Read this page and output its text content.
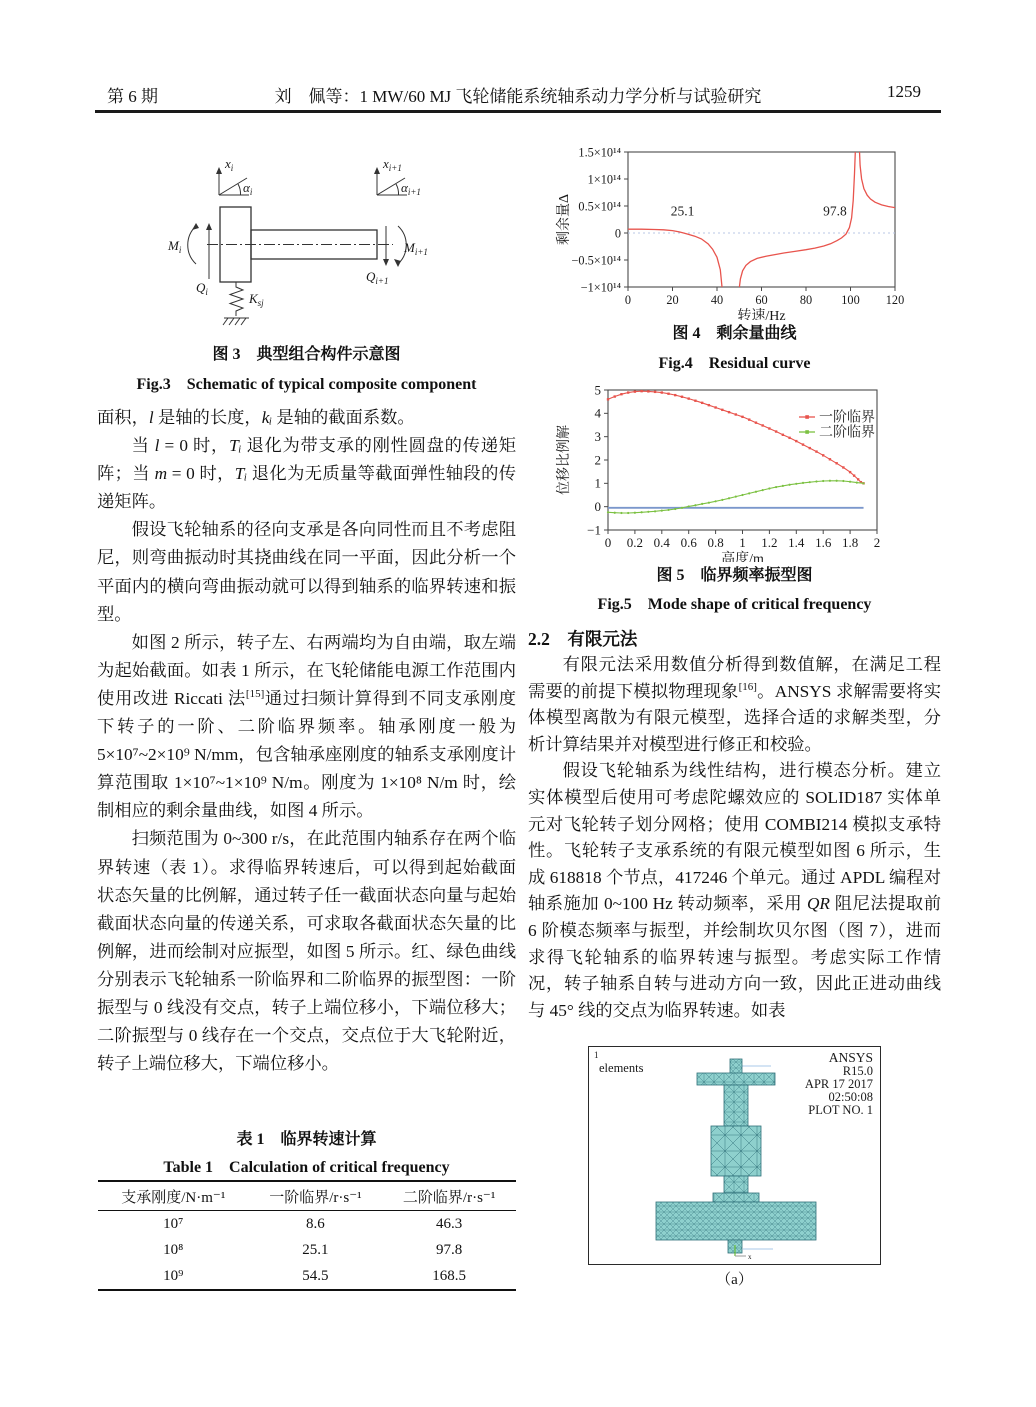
第 6 期	刘　佩等：1 MW/60 MJ 飞轮储能系统轴系动力学分析与试验研究	1259
$x_i$
$\alpha_i$
$x_{i+1}$
$\alpha_{i+1}$
$M_i$
$Q_i$
$M_{i+1}$
$Q_{i+1}$
$K_{sj}$
图 3　典型组合构件示意图
Fig.3　Schematic of typical composite component

面积，l 是轴的长度，kᵢ 是轴的截面系数。

当 l = 0 时，Tᵢ 退化为带支承的刚性圆盘的传递矩阵；当 m = 0 时，Tᵢ 退化为无质量等截面弹性轴段的传递矩阵。

假设飞轮轴系的径向支承是各向同性而且不考虑阻尼，则弯曲振动时其挠曲线在同一平面，因此分析一个平面内的横向弯曲振动就可以得到轴系的临界转速和振型。

如图 2 所示，转子左、右两端均为自由端，取左端为起始截面。如表 1 所示，在飞轮储能电源工作范围内使用改进 Riccati 法[15]通过扫频计算得到不同支承刚度下转子的一阶、二阶临界频率。轴承刚度一般为 5×10⁷~2×10⁹ N/mm，包含轴承座刚度的轴系支承刚度计算范围取 1×10⁷~1×10⁹ N/m。刚度为 1×10⁸ N/m 时，绘制相应的剩余量曲线，如图 4 所示。

扫频范围为 0~300 r/s，在此范围内轴系存在两个临界转速（表 1）。求得临界转速后，可以得到起始截面状态矢量的比例解，通过转子任一截面状态向量与起始截面状态向量的传递关系，可求取各截面状态矢量的比例解，进而绘制对应振型，如图 5 所示。红、绿色曲线分别表示飞轮轴系一阶临界和二阶临界的振型图：一阶振型与 0 线没有交点，转子上端位移小，下端位移大；二阶振型与 0 线存在一个交点，交点位于大飞轮附近，转子上端位移大，下端位移小。

表 1　临界转速计算
Table 1　Calculation of critical frequency
支承刚度/N·m⁻¹	一阶临界/r·s⁻¹	二阶临界/r·s⁻¹
10⁷	8.6	46.3
10⁸	25.1	97.8
10⁹	54.5	168.5
1.5×10¹⁴
1×10¹⁴
0.5×10¹⁴
0
−0.5×10¹⁴
−1×10¹⁴
0	20	40	60	80 100 120
转速/Hz
剩余量Δ	25.1	97.8
图 4　剩余量曲线
Fig.4　Residual curve
5
4
3
2
1
0
−1
0 0.2 0.4 0.6 0.8 1 1.2 1.4 1.6 1.8 2
高度/m
位移比例解
一阶临界
二阶临界
图 5　临界频率振型图
Fig.5　Mode shape of critical frequency
2.2　有限元法

有限元法采用数值分析得到数值解，在满足工程需要的前提下模拟物理现象[16]。ANSYS 求解需要将实体模型离散为有限元模型，选择合适的求解类型，分析计算结果并对模型进行修正和校验。

假设飞轮轴系为线性结构，进行模态分析。建立实体模型后使用可考虑陀螺效应的 SOLID187 实体单元对飞轮转子划分网格；使用 COMBI214 模拟支承特性。飞轮转子支承系统的有限元模型如图 6 所示，生成 618818 个节点，417246 个单元。通过 APDL 编程对轴系施加 0~100 Hz 转动频率，采用 QR 阻尼法提取前 6 阶模态频率与振型，并绘制坎贝尔图（图 7），进而求得飞轮轴系的临界转速与振型。考虑实际工作情况，转子轴系自转与进动方向一致，因此正进动曲线与 45° 线的交点为临界转速。如表

x
1
elements
ANSYS
R15.0
APR 17 2017
02:50:08
PLOT NO. 1
（a）
